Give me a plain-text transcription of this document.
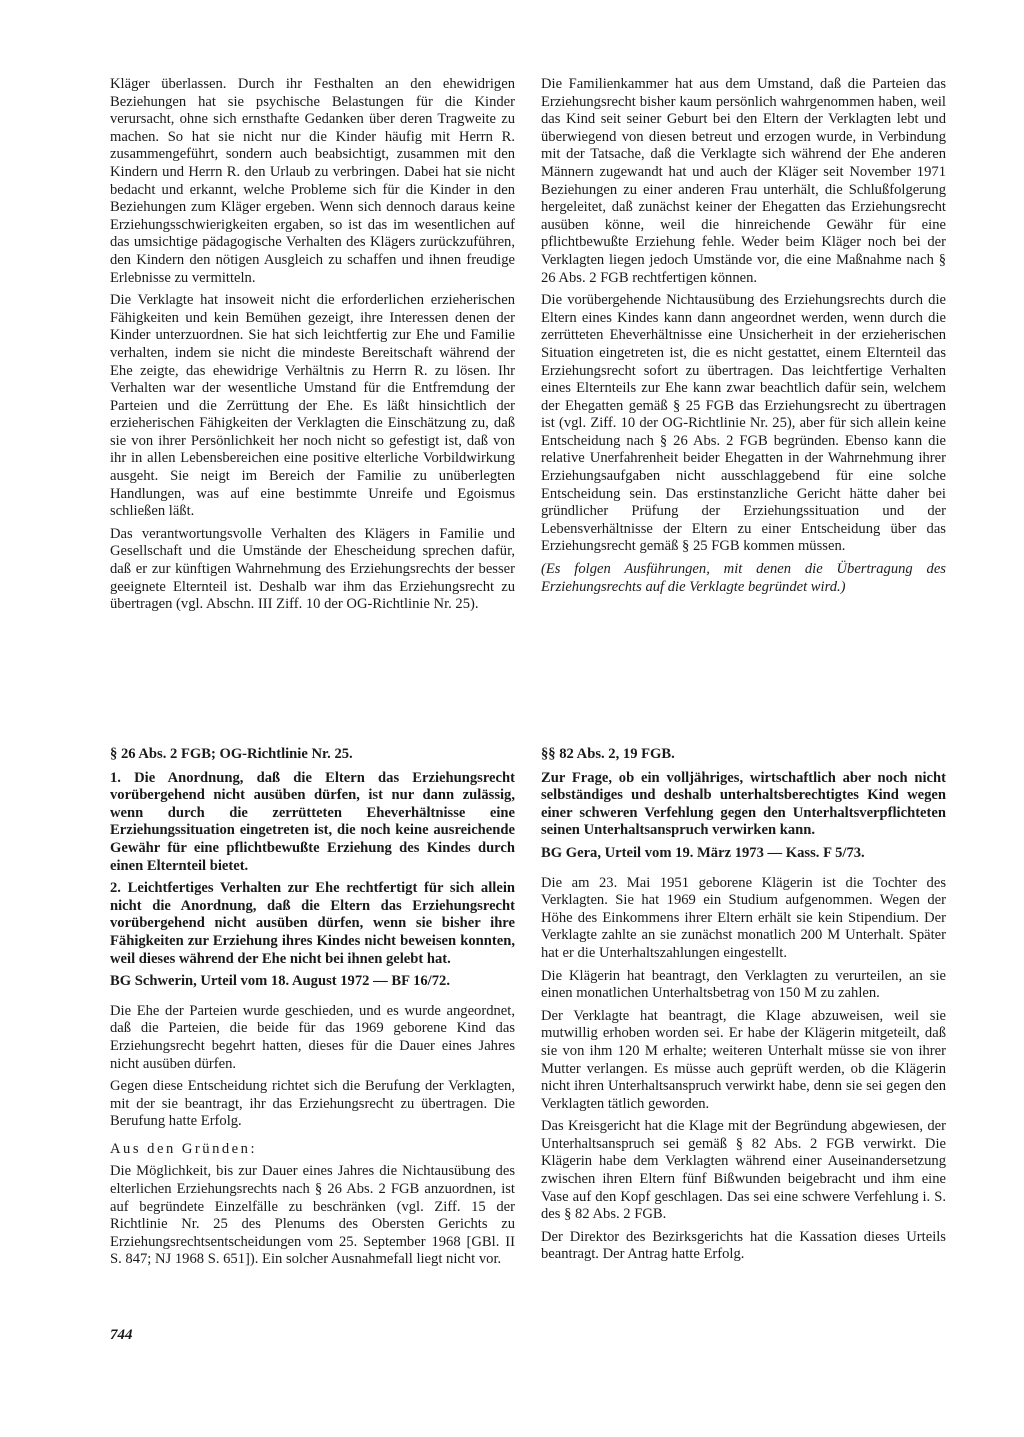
Kläger überlassen. Durch ihr Festhalten an den ehewidrigen Beziehungen hat sie psychische Belastungen für die Kinder verursacht, ohne sich ernsthafte Gedanken über deren Tragweite zu machen. So hat sie nicht nur die Kinder häufig mit Herrn R. zusammengeführt, sondern auch beabsichtigt, zusammen mit den Kindern und Herrn R. den Urlaub zu verbringen. Dabei hat sie nicht bedacht und erkannt, welche Probleme sich für die Kinder in den Beziehungen zum Kläger ergeben. Wenn sich dennoch daraus keine Erziehungsschwierigkeiten ergaben, so ist das im wesentlichen auf das umsichtige pädagogische Verhalten des Klägers zurückzuführen, den Kindern den nötigen Ausgleich zu schaffen und ihnen freudige Erlebnisse zu vermitteln.

Die Verklagte hat insoweit nicht die erforderlichen erzieherischen Fähigkeiten und kein Bemühen gezeigt, ihre Interessen denen der Kinder unterzuordnen. Sie hat sich leichtfertig zur Ehe und Familie verhalten, indem sie nicht die mindeste Bereitschaft während der Ehe zeigte, das ehewidrige Verhältnis zu Herrn R. zu lösen. Ihr Verhalten war der wesentliche Umstand für die Entfremdung der Parteien und die Zerrüttung der Ehe. Es läßt hinsichtlich der erzieherischen Fähigkeiten der Verklagten die Einschätzung zu, daß sie von ihrer Persönlichkeit her noch nicht so gefestigt ist, daß von ihr in allen Lebensbereichen eine positive elterliche Vorbildwirkung ausgeht. Sie neigt im Bereich der Familie zu unüberlegten Handlungen, was auf eine bestimmte Unreife und Egoismus schließen läßt.

Das verantwortungsvolle Verhalten des Klägers in Familie und Gesellschaft und die Umstände der Ehescheidung sprechen dafür, daß er zur künftigen Wahrnehmung des Erziehungsrechts der besser geeignete Elternteil ist. Deshalb war ihm das Erziehungsrecht zu übertragen (vgl. Abschn. III Ziff. 10 der OG-Richtlinie Nr. 25).

Die Familienkammer hat aus dem Umstand, daß die Parteien das Erziehungsrecht bisher kaum persönlich wahrgenommen haben, weil das Kind seit seiner Geburt bei den Eltern der Verklagten lebt und überwiegend von diesen betreut und erzogen wurde, in Verbindung mit der Tatsache, daß die Verklagte sich während der Ehe anderen Männern zugewandt hat und auch der Kläger seit November 1971 Beziehungen zu einer anderen Frau unterhält, die Schlußfolgerung hergeleitet, daß zunächst keiner der Ehegatten das Erziehungsrecht ausüben könne, weil die hinreichende Gewähr für eine pflichtbewußte Erziehung fehle. Weder beim Kläger noch bei der Verklagten liegen jedoch Umstände vor, die eine Maßnahme nach § 26 Abs. 2 FGB rechtfertigen können.

Die vorübergehende Nichtausübung des Erziehungsrechts durch die Eltern eines Kindes kann dann angeordnet werden, wenn durch die zerrütteten Eheverhältnisse eine Unsicherheit in der erzieherischen Situation eingetreten ist, die es nicht gestattet, einem Elternteil das Erziehungsrecht sofort zu übertragen. Das leichtfertige Verhalten eines Elternteils zur Ehe kann zwar beachtlich dafür sein, welchem der Ehegatten gemäß § 25 FGB das Erziehungsrecht zu übertragen ist (vgl. Ziff. 10 der OG-Richtlinie Nr. 25), aber für sich allein keine Entscheidung nach § 26 Abs. 2 FGB begründen. Ebenso kann die relative Unerfahrenheit beider Ehegatten in der Wahrnehmung ihrer Erziehungsaufgaben nicht ausschlaggebend für eine solche Entscheidung sein. Das erstinstanzliche Gericht hätte daher bei gründlicher Prüfung der Erziehungssituation und der Lebensverhältnisse der Eltern zu einer Entscheidung über das Erziehungsrecht gemäß § 25 FGB kommen müssen.

(Es folgen Ausführungen, mit denen die Übertragung des Erziehungsrechts auf die Verklagte begründet wird.)

§ 26 Abs. 2 FGB; OG-Richtlinie Nr. 25.

1. Die Anordnung, daß die Eltern das Erziehungsrecht vorübergehend nicht ausüben dürfen, ist nur dann zulässig, wenn durch die zerrütteten Eheverhältnisse eine Erziehungssituation eingetreten ist, die noch keine ausreichende Gewähr für eine pflichtbewußte Erziehung des Kindes durch einen Elternteil bietet.

2. Leichtfertiges Verhalten zur Ehe rechtfertigt für sich allein nicht die Anordnung, daß die Eltern das Erziehungsrecht vorübergehend nicht ausüben dürfen, wenn sie bisher ihre Fähigkeiten zur Erziehung ihres Kindes nicht beweisen konnten, weil dieses während der Ehe nicht bei ihnen gelebt hat.

BG Schwerin, Urteil vom 18. August 1972 — BF 16/72.

Die Ehe der Parteien wurde geschieden, und es wurde angeordnet, daß die Parteien, die beide für das 1969 geborene Kind das Erziehungsrecht begehrt hatten, dieses für die Dauer eines Jahres nicht ausüben dürfen.

Gegen diese Entscheidung richtet sich die Berufung der Verklagten, mit der sie beantragt, ihr das Erziehungsrecht zu übertragen. Die Berufung hatte Erfolg.

Aus den Gründen:

Die Möglichkeit, bis zur Dauer eines Jahres die Nichtausübung des elterlichen Erziehungsrechts nach § 26 Abs. 2 FGB anzuordnen, ist auf begründete Einzelfälle zu beschränken (vgl. Ziff. 15 der Richtlinie Nr. 25 des Plenums des Obersten Gerichts zu Erziehungsrechtsentscheidungen vom 25. September 1968 [GBl. II S. 847; NJ 1968 S. 651]). Ein solcher Ausnahmefall liegt nicht vor.

§§ 82 Abs. 2, 19 FGB.

Zur Frage, ob ein volljähriges, wirtschaftlich aber noch nicht selbständiges und deshalb unterhaltsberechtigtes Kind wegen einer schweren Verfehlung gegen den Unterhaltsverpflichteten seinen Unterhaltsanspruch verwirken kann.

BG Gera, Urteil vom 19. März 1973 — Kass. F 5/73.

Die am 23. Mai 1951 geborene Klägerin ist die Tochter des Verklagten. Sie hat 1969 ein Studium aufgenommen. Wegen der Höhe des Einkommens ihrer Eltern erhält sie kein Stipendium. Der Verklagte zahlte an sie zunächst monatlich 200 M Unterhalt. Später hat er die Unterhaltszahlungen eingestellt.

Die Klägerin hat beantragt, den Verklagten zu verurteilen, an sie einen monatlichen Unterhaltsbetrag von 150 M zu zahlen.

Der Verklagte hat beantragt, die Klage abzuweisen, weil sie mutwillig erhoben worden sei. Er habe der Klägerin mitgeteilt, daß sie von ihm 120 M erhalte; weiteren Unterhalt müsse sie von ihrer Mutter verlangen. Es müsse auch geprüft werden, ob die Klägerin nicht ihren Unterhaltsanspruch verwirkt habe, denn sie sei gegen den Verklagten tätlich geworden.

Das Kreisgericht hat die Klage mit der Begründung abgewiesen, der Unterhaltsanspruch sei gemäß § 82 Abs. 2 FGB verwirkt. Die Klägerin habe dem Verklagten während einer Auseinandersetzung zwischen ihren Eltern fünf Bißwunden beigebracht und ihm eine Vase auf den Kopf geschlagen. Das sei eine schwere Verfehlung i. S. des § 82 Abs. 2 FGB.

Der Direktor des Bezirksgerichts hat die Kassation dieses Urteils beantragt. Der Antrag hatte Erfolg.

744
